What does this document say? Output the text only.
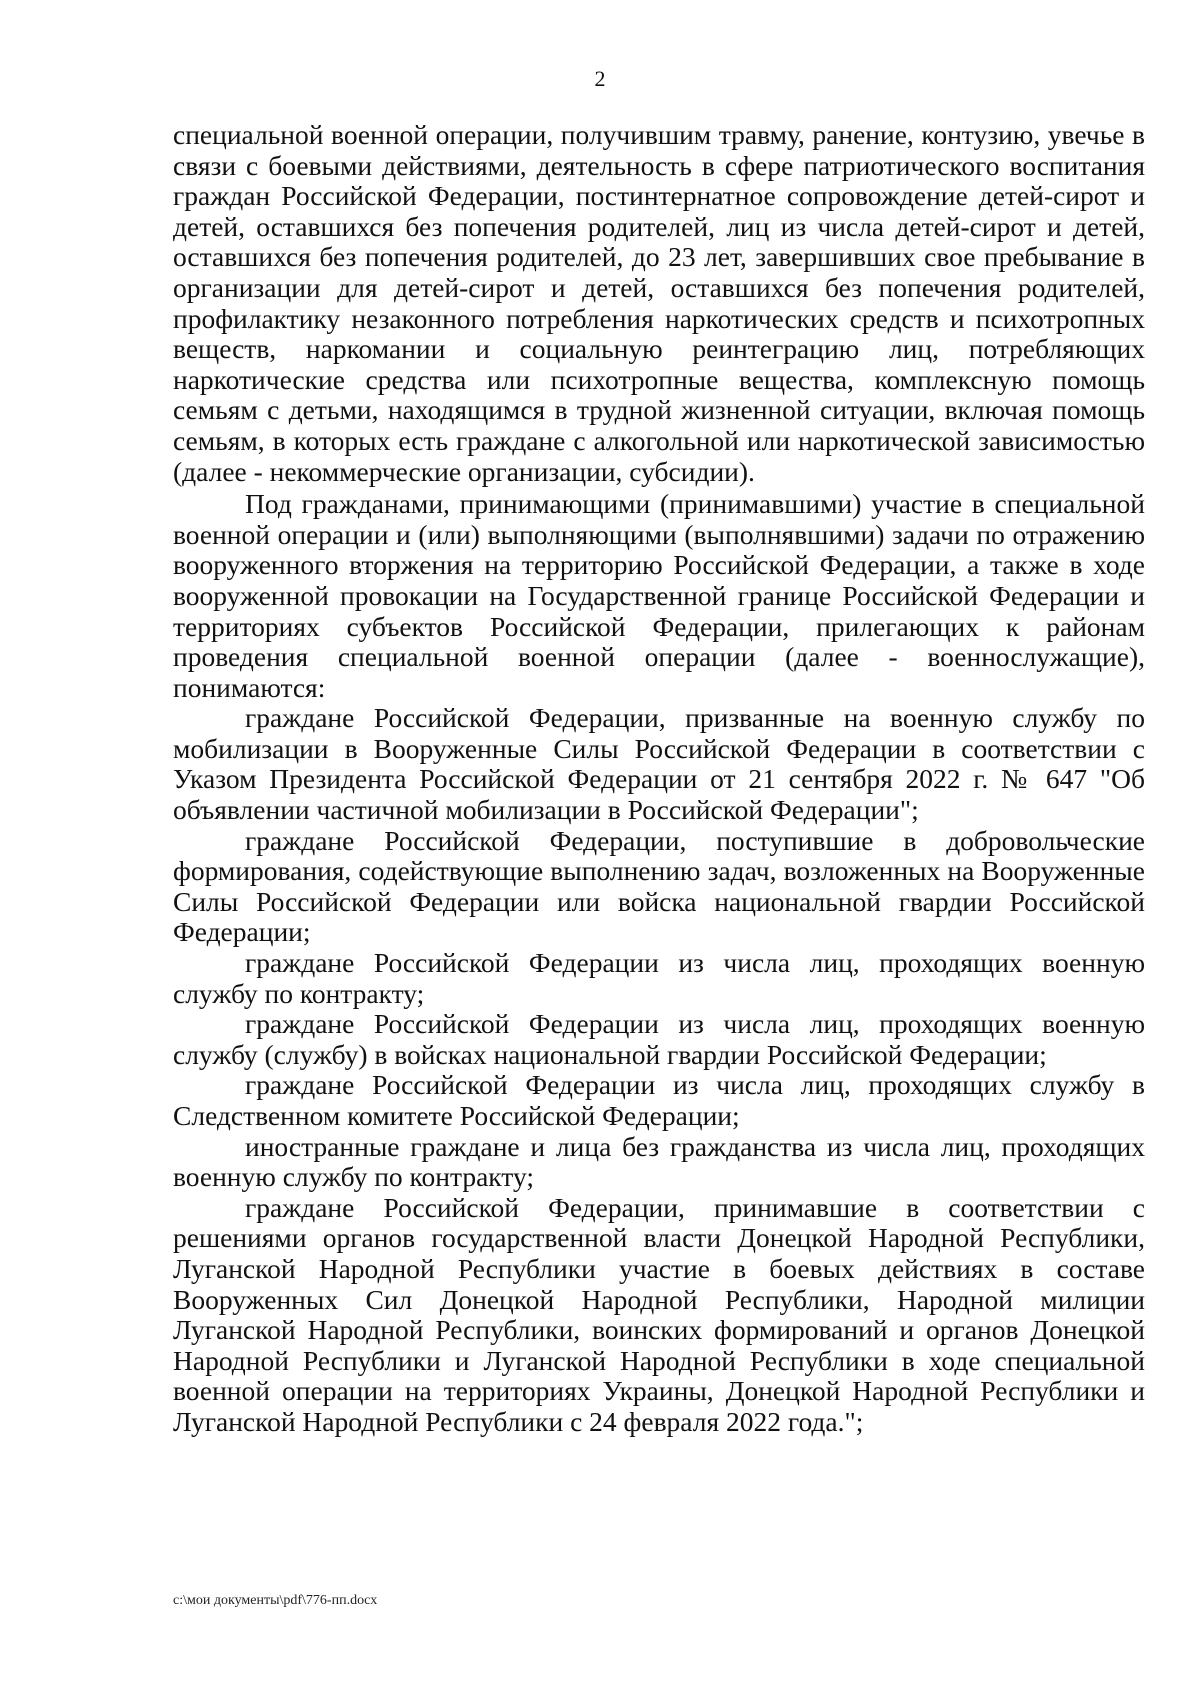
2

специальной военной операции, получившим травму, ранение, контузию, увечье в связи с боевыми действиями, деятельность в сфере патриотического воспитания граждан Российской Федерации, постинтернатное сопровождение детей-сирот и детей, оставшихся без попечения родителей, лиц из числа детей-сирот и детей, оставшихся без попечения родителей, до 23 лет, завершивших свое пребывание в организации для детей-сирот и детей, оставшихся без попечения родителей, профилактику незаконного потребления наркотических средств и психотропных веществ, наркомании и социальную реинтеграцию лиц, потребляющих наркотические средства или психотропные вещества, комплексную помощь семьям с детьми, находящимся в трудной жизненной ситуации, включая помощь семьям, в которых есть граждане с алкогольной или наркотической зависимостью (далее - некоммерческие организации, субсидии).

Под гражданами, принимающими (принимавшими) участие в специальной военной операции и (или) выполняющими (выполнявшими) задачи по отражению вооруженного вторжения на территорию Российской Федерации, а также в ходе вооруженной провокации на Государственной границе Российской Федерации и территориях субъектов Российской Федерации, прилегающих к районам проведения специальной военной операции (далее - военнослужащие), понимаются:

граждане Российской Федерации, призванные на военную службу по мобилизации в Вооруженные Силы Российской Федерации в соответствии с Указом Президента Российской Федерации от 21 сентября 2022 г. № 647 "Об объявлении частичной мобилизации в Российской Федерации";

граждане Российской Федерации, поступившие в добровольческие формирования, содействующие выполнению задач, возложенных на Вооруженные Силы Российской Федерации или войска национальной гвардии Российской Федерации;

граждане Российской Федерации из числа лиц, проходящих военную службу по контракту;

граждане Российской Федерации из числа лиц, проходящих военную службу (службу) в войсках национальной гвардии Российской Федерации;

граждане Российской Федерации из числа лиц, проходящих службу в Следственном комитете Российской Федерации;

иностранные граждане и лица без гражданства из числа лиц, проходящих военную службу по контракту;

граждане Российской Федерации, принимавшие в соответствии с решениями органов государственной власти Донецкой Народной Республики, Луганской Народной Республики участие в боевых действиях в составе Вооруженных Сил Донецкой Народной Республики, Народной милиции Луганской Народной Республики, воинских формирований и органов Донецкой Народной Республики и Луганской Народной Республики в ходе специальной военной операции на территориях Украины, Донецкой Народной Республики и Луганской Народной Республики с 24 февраля 2022 года.";

c:\мои документы\pdf\776-пп.docx
